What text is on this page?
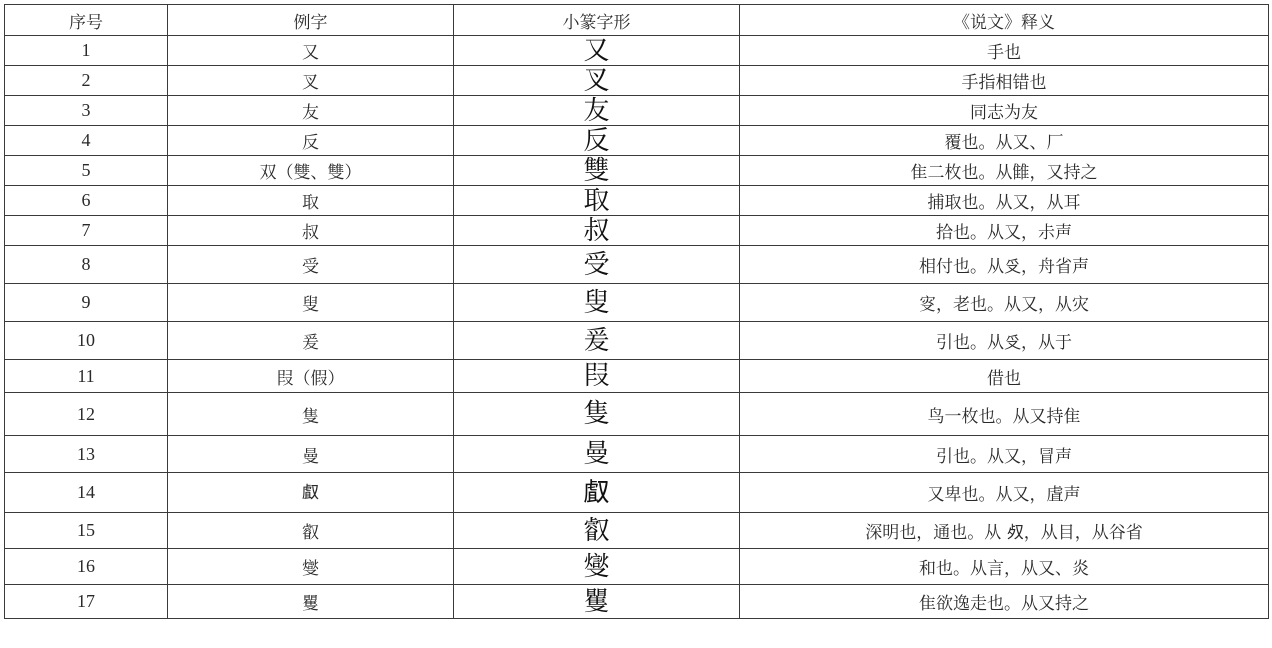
序号	例字	小篆字形	《说文》释义
1	又	又	手也
2	叉	叉	手指相错也
3	友	友	同志为友
4	反	反	覆也。从又、厂
5	双（雙、雙）	雙	隹二枚也。从雔，又持之
6	取	取	捕取也。从又，从耳
7	叔	叔	拾也。从又，尗声
8	受	受	相付也。从𠬪，舟省声
9	叟	叟	叜，老也。从又，从灾
10	爰	爰	引也。从𠬪，从于
11	叚（假）	叚	借也
12	隻	隻	鸟一枚也。从又持隹
13	曼	曼	引也。从又，冒声
14	𠭯	𠭯	又卑也。从又，虘声
15	叡	叡	深明也，通也。从 𣦼，从目，从谷省
16	燮	燮	和也。从言，从又、炎
17	矍	矍	隹欲逸走也。从又持之
